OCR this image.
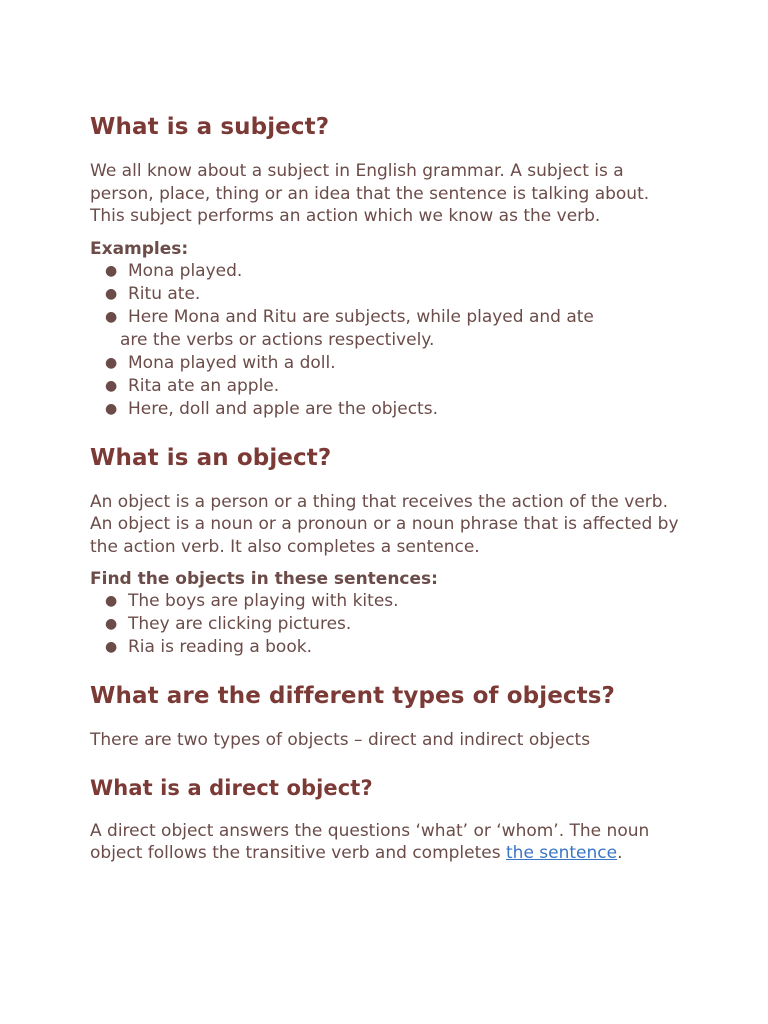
What is a subject?

We all know about a subject in English grammar. A subject is a person, place, thing or an idea that the sentence is talking about. This subject performs an action which we know as the verb.

Examples:
● Mona played.
● Ritu ate.
● Here Mona and Ritu are subjects, while played and ate
are the verbs or actions respectively.
● Mona played with a doll.
● Rita ate an apple.
● Here, doll and apple are the objects.
What is an object?

An object is a person or a thing that receives the action of the verb. An object is a noun or a pronoun or a noun phrase that is affected by the action verb. It also completes a sentence.

Find the objects in these sentences:
● The boys are playing with kites.
● They are clicking pictures.
● Ria is reading a book.
What are the different types of objects?

There are two types of objects – direct and indirect objects

What is a direct object?

A direct object answers the questions ‘what’ or ‘whom’. The noun object follows the transitive verb and completes the sentence.
